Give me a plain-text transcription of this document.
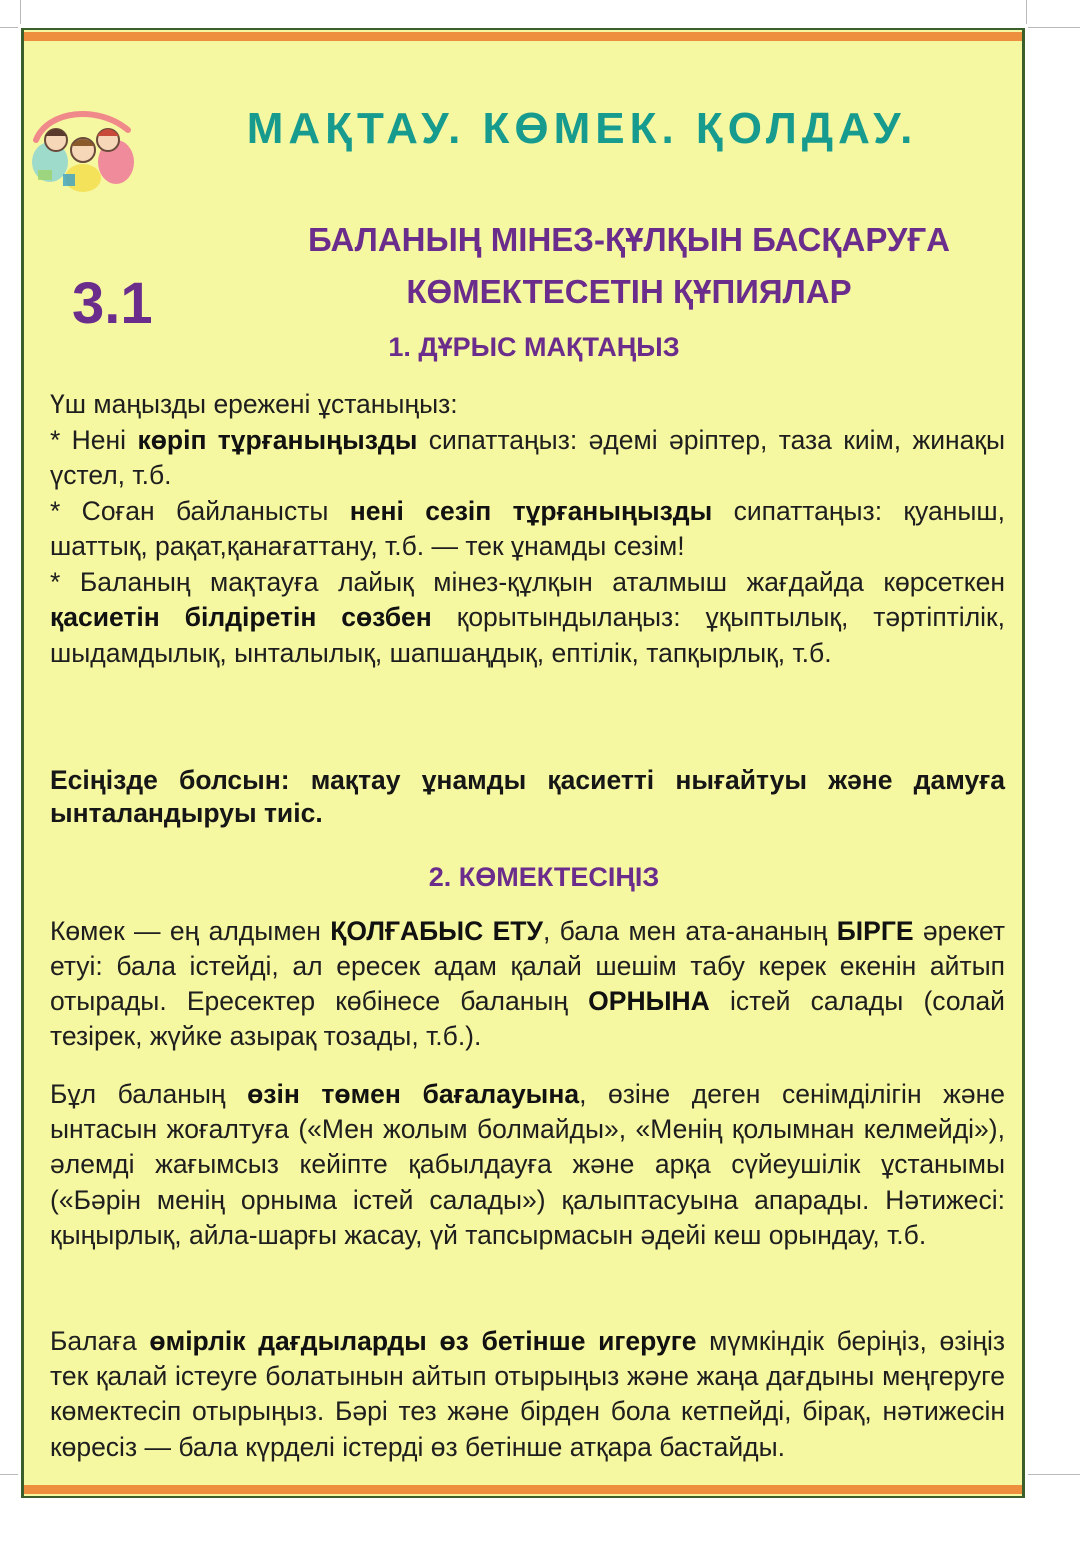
МАҚТАУ. КӨМЕК. ҚОЛДАУ.
3.1
БАЛАНЫҢ МІНЕЗ-ҚҰЛҚЫН БАСҚАРУҒА
КӨМЕКТЕСЕТІН ҚҰПИЯЛАР
1. ДҰРЫС МАҚТАҢЫЗ
Үш маңызды ережені ұстаныңыз:
* Нені көріп тұрғаныңызды сипаттаңыз: әдемі әріптер, таза киім, жинақы үстел, т.б.
* Соған байланысты нені сезіп тұрғаныңызды сипаттаңыз: қуаныш, шаттық, рақат,қанағаттану, т.б. — тек ұнамды сезім!
* Баланың мақтауға лайық мінез-құлқын аталмыш жағдайда көрсеткен қасиетін білдіретін сөзбен қорытындылаңыз: ұқыптылық, тәртіптілік, шыдамдылық, ынталылық, шапшаңдық, ептілік, тапқырлық, т.б.

Есіңізде болсын: мақтау ұнамды қасиетті нығайтуы және дамуға ынталандыруы тиіс.

2. КӨМЕКТЕСІҢІЗ

Көмек — ең алдымен ҚОЛҒАБЫС ЕТУ, бала мен ата-ананың БІРГЕ әрекет етуі: бала істейді, ал ересек адам қалай шешім табу керек екенін айтып отырады. Ересектер көбінесе баланың ОРНЫНА істей салады (солай тезірек, жүйке азырақ тозады, т.б.).

Бұл баланың өзін төмен бағалауына, өзіне деген сенімділігін және ынтасын жоғалтуға («Мен жолым болмайды», «Менің қолымнан келмейді»), әлемді жағымсыз кейіпте қабылдауға және арқа сүйеушілік ұстанымы («Бәрін менің орныма істей салады») қалыптасуына апарады. Нәтижесі: қыңырлық, айла-шарғы жасау, үй тапсырмасын әдейі кеш орындау, т.б.

Балаға өмірлік дағдыларды өз бетінше игеруге мүмкіндік беріңіз, өзіңіз тек қалай істеуге болатынын айтып отырыңыз және жаңа дағдыны меңгеруге көмектесіп отырыңыз. Бәрі тез және бірден бола кетпейді, бірақ, нәтижесін көресіз — бала күрделі істерді өз бетінше атқара бастайды.
